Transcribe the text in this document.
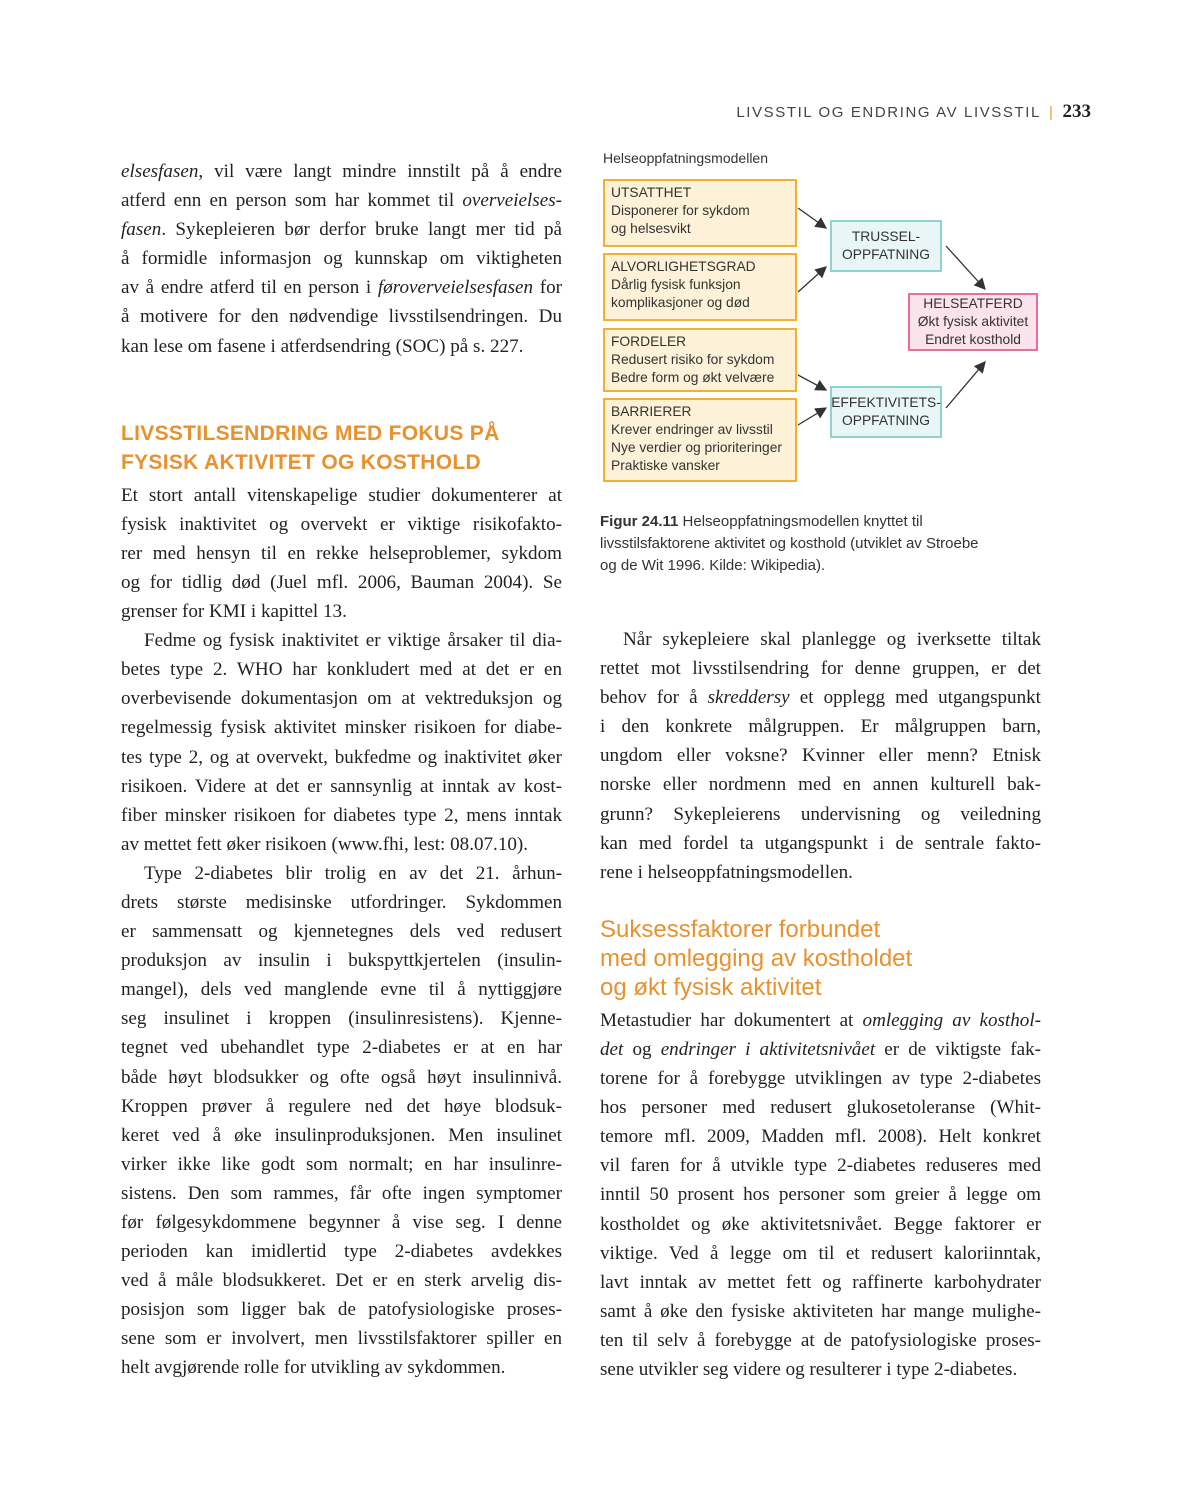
LIVSSTIL OG ENDRING AV LIVSSTIL | 233

elsesfasen, vil være langt mindre innstilt på å endre
atferd enn en person som har kommet til overveielses-
fasen. Sykepleieren bør derfor bruke langt mer tid på
å formidle informasjon og kunnskap om viktigheten
av å endre atferd til en person i føroverveielsesfasen for
å motivere for den nødvendige livsstilsendringen. Du
kan lese om fasene i atferdsendring (SOC) på s. 227.

LIVSSTILSENDRING MED FOKUS PÅ
FYSISK AKTIVITET OG KOSTHOLD

Et stort antall vitenskapelige studier dokumenterer at
fysisk inaktivitet og overvekt er viktige risikofakto-
rer med hensyn til en rekke helseproblemer, sykdom
og for tidlig død (Juel mfl. 2006, Bauman 2004). Se
grenser for KMI i kapittel 13.

Fedme og fysisk inaktivitet er viktige årsaker til dia-
betes type 2. WHO har konkludert med at det er en
overbevisende dokumentasjon om at vektreduksjon og
regelmessig fysisk aktivitet minsker risikoen for diabe-
tes type 2, og at overvekt, bukfedme og inaktivitet øker
risikoen. Videre at det er sannsynlig at inntak av kost-
fiber minsker risikoen for diabetes type 2, mens inntak
av mettet fett øker risikoen (www.fhi, lest: 08.07.10).

Type 2-diabetes blir trolig en av det 21. århun-
drets største medisinske utfordringer. Sykdommen
er sammensatt og kjennetegnes dels ved redusert
produksjon av insulin i bukspyttkjertelen (insulin-
mangel), dels ved manglende evne til å nyttiggjøre
seg insulinet i kroppen (insulinresistens). Kjenne-
tegnet ved ubehandlet type 2-diabetes er at en har
både høyt blodsukker og ofte også høyt insulinnivå.
Kroppen prøver å regulere ned det høye blodsuk-
keret ved å øke insulinproduksjonen. Men insulinet
virker ikke like godt som normalt; en har insulinre-
sistens. Den som rammes, får ofte ingen symptomer
før følgesykdommene begynner å vise seg. I denne
perioden kan imidlertid type 2-diabetes avdekkes
ved å måle blodsukkeret. Det er en sterk arvelig dis-
posisjon som ligger bak de patofysiologiske proses-
sene som er involvert, men livsstilsfaktorer spiller en
helt avgjørende rolle for utvikling av sykdommen.

Helseoppfatningsmodellen
UTSATTHET
Disponerer for sykdom
og helsesvikt
ALVORLIGHETSGRAD
Dårlig fysisk funksjon
komplikasjoner og død
FORDELER
Redusert risiko for sykdom
Bedre form og økt velvære
BARRIERER
Krever endringer av livsstil
Nye verdier og prioriteringer
Praktiske vansker
TRUSSEL-
OPPFATNING
EFFEKTIVITETS-
OPPFATNING
HELSEATFERD
Økt fysisk aktivitet
Endret kosthold
Figur 24.11 Helseoppfatningsmodellen knyttet til
livsstilsfaktorene aktivitet og kosthold (utviklet av Stroebe
og de Wit 1996. Kilde: Wikipedia).

Når sykepleiere skal planlegge og iverksette tiltak
rettet mot livsstilsendring for denne gruppen, er det
behov for å skreddersy et opplegg med utgangspunkt
i den konkrete målgruppen. Er målgruppen barn,
ungdom eller voksne? Kvinner eller menn? Etnisk
norske eller nordmenn med en annen kulturell bak-
grunn? Sykepleierens undervisning og veiledning
kan med fordel ta utgangspunkt i de sentrale fakto-
rene i helseoppfatningsmodellen.

Suksessfaktorer forbundet
med omlegging av kostholdet
og økt fysisk aktivitet

Metastudier har dokumentert at omlegging av kosthol-
det og endringer i aktivitetsnivået er de viktigste fak-
torene for å forebygge utviklingen av type 2-diabetes
hos personer med redusert glukosetoleranse (Whit-
temore mfl. 2009, Madden mfl. 2008). Helt konkret
vil faren for å utvikle type 2-diabetes reduseres med
inntil 50 prosent hos personer som greier å legge om
kostholdet og øke aktivitetsnivået. Begge faktorer er
viktige. Ved å legge om til et redusert kaloriinntak,
lavt inntak av mettet fett og raffinerte karbohydrater
samt å øke den fysiske aktiviteten har mange mulighe-
ten til selv å forebygge at de patofysiologiske proses-
sene utvikler seg videre og resulterer i type 2-diabetes.
